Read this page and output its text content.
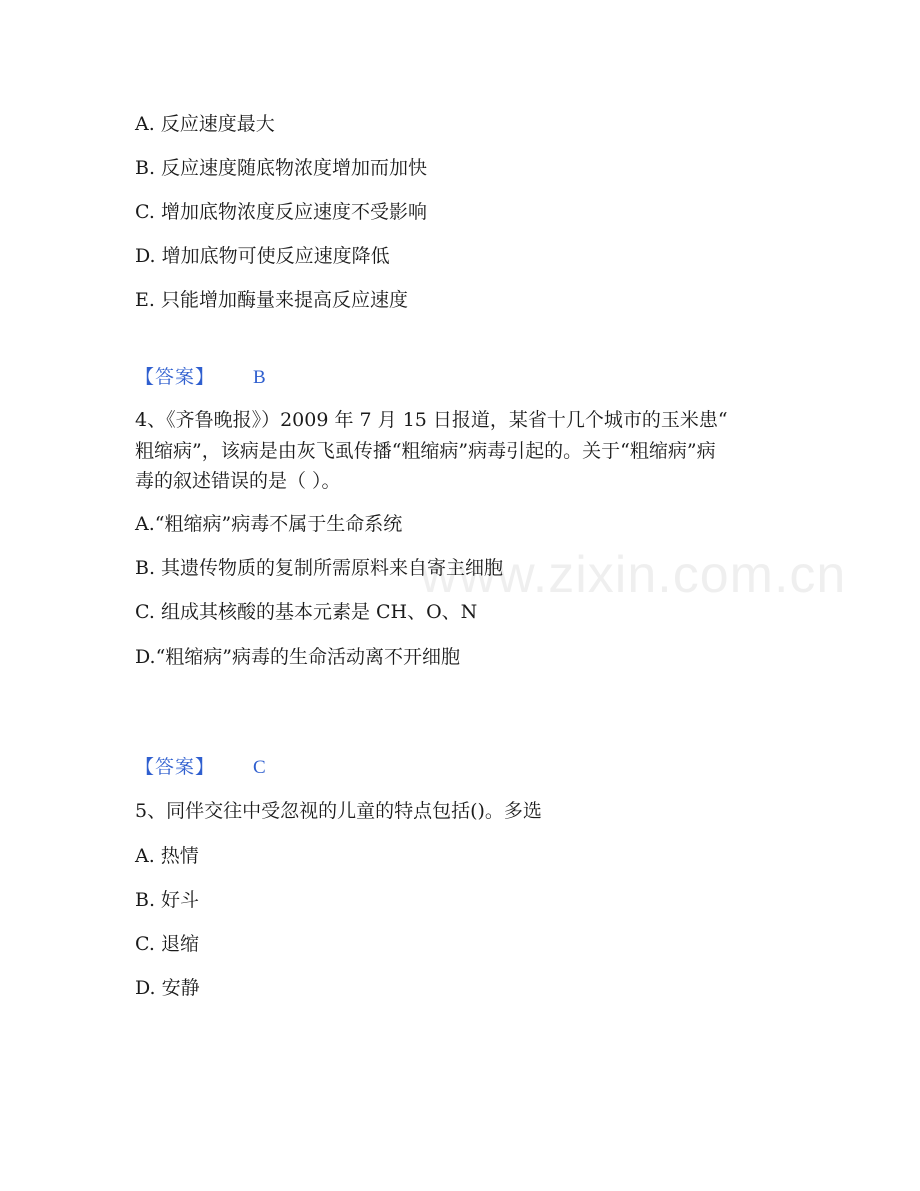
A. 反应速度最大
B. 反应速度随底物浓度增加而加快
C. 增加底物浓度反应速度不受影响
D. 增加底物可使反应速度降低
E. 只能增加酶量来提高反应速度
【答案】 B
4、《齐鲁晚报》）2009 年 7 月 15 日报道，某省十几个城市的玉米患“
粗缩病”，该病是由灰飞虱传播“粗缩病”病毒引起的。关于“粗缩病”病
毒的叙述错误的是（ ）。
A.“粗缩病”病毒不属于生命系统
B. 其遗传物质的复制所需原料来自寄主细胞
C. 组成其核酸的基本元素是 CH、O、N
D.“粗缩病”病毒的生命活动离不开细胞
【答案】 C
5、同伴交往中受忽视的儿童的特点包括()。多选
A. 热情
B. 好斗
C. 退缩
D. 安静
www.zixin.com.cn
